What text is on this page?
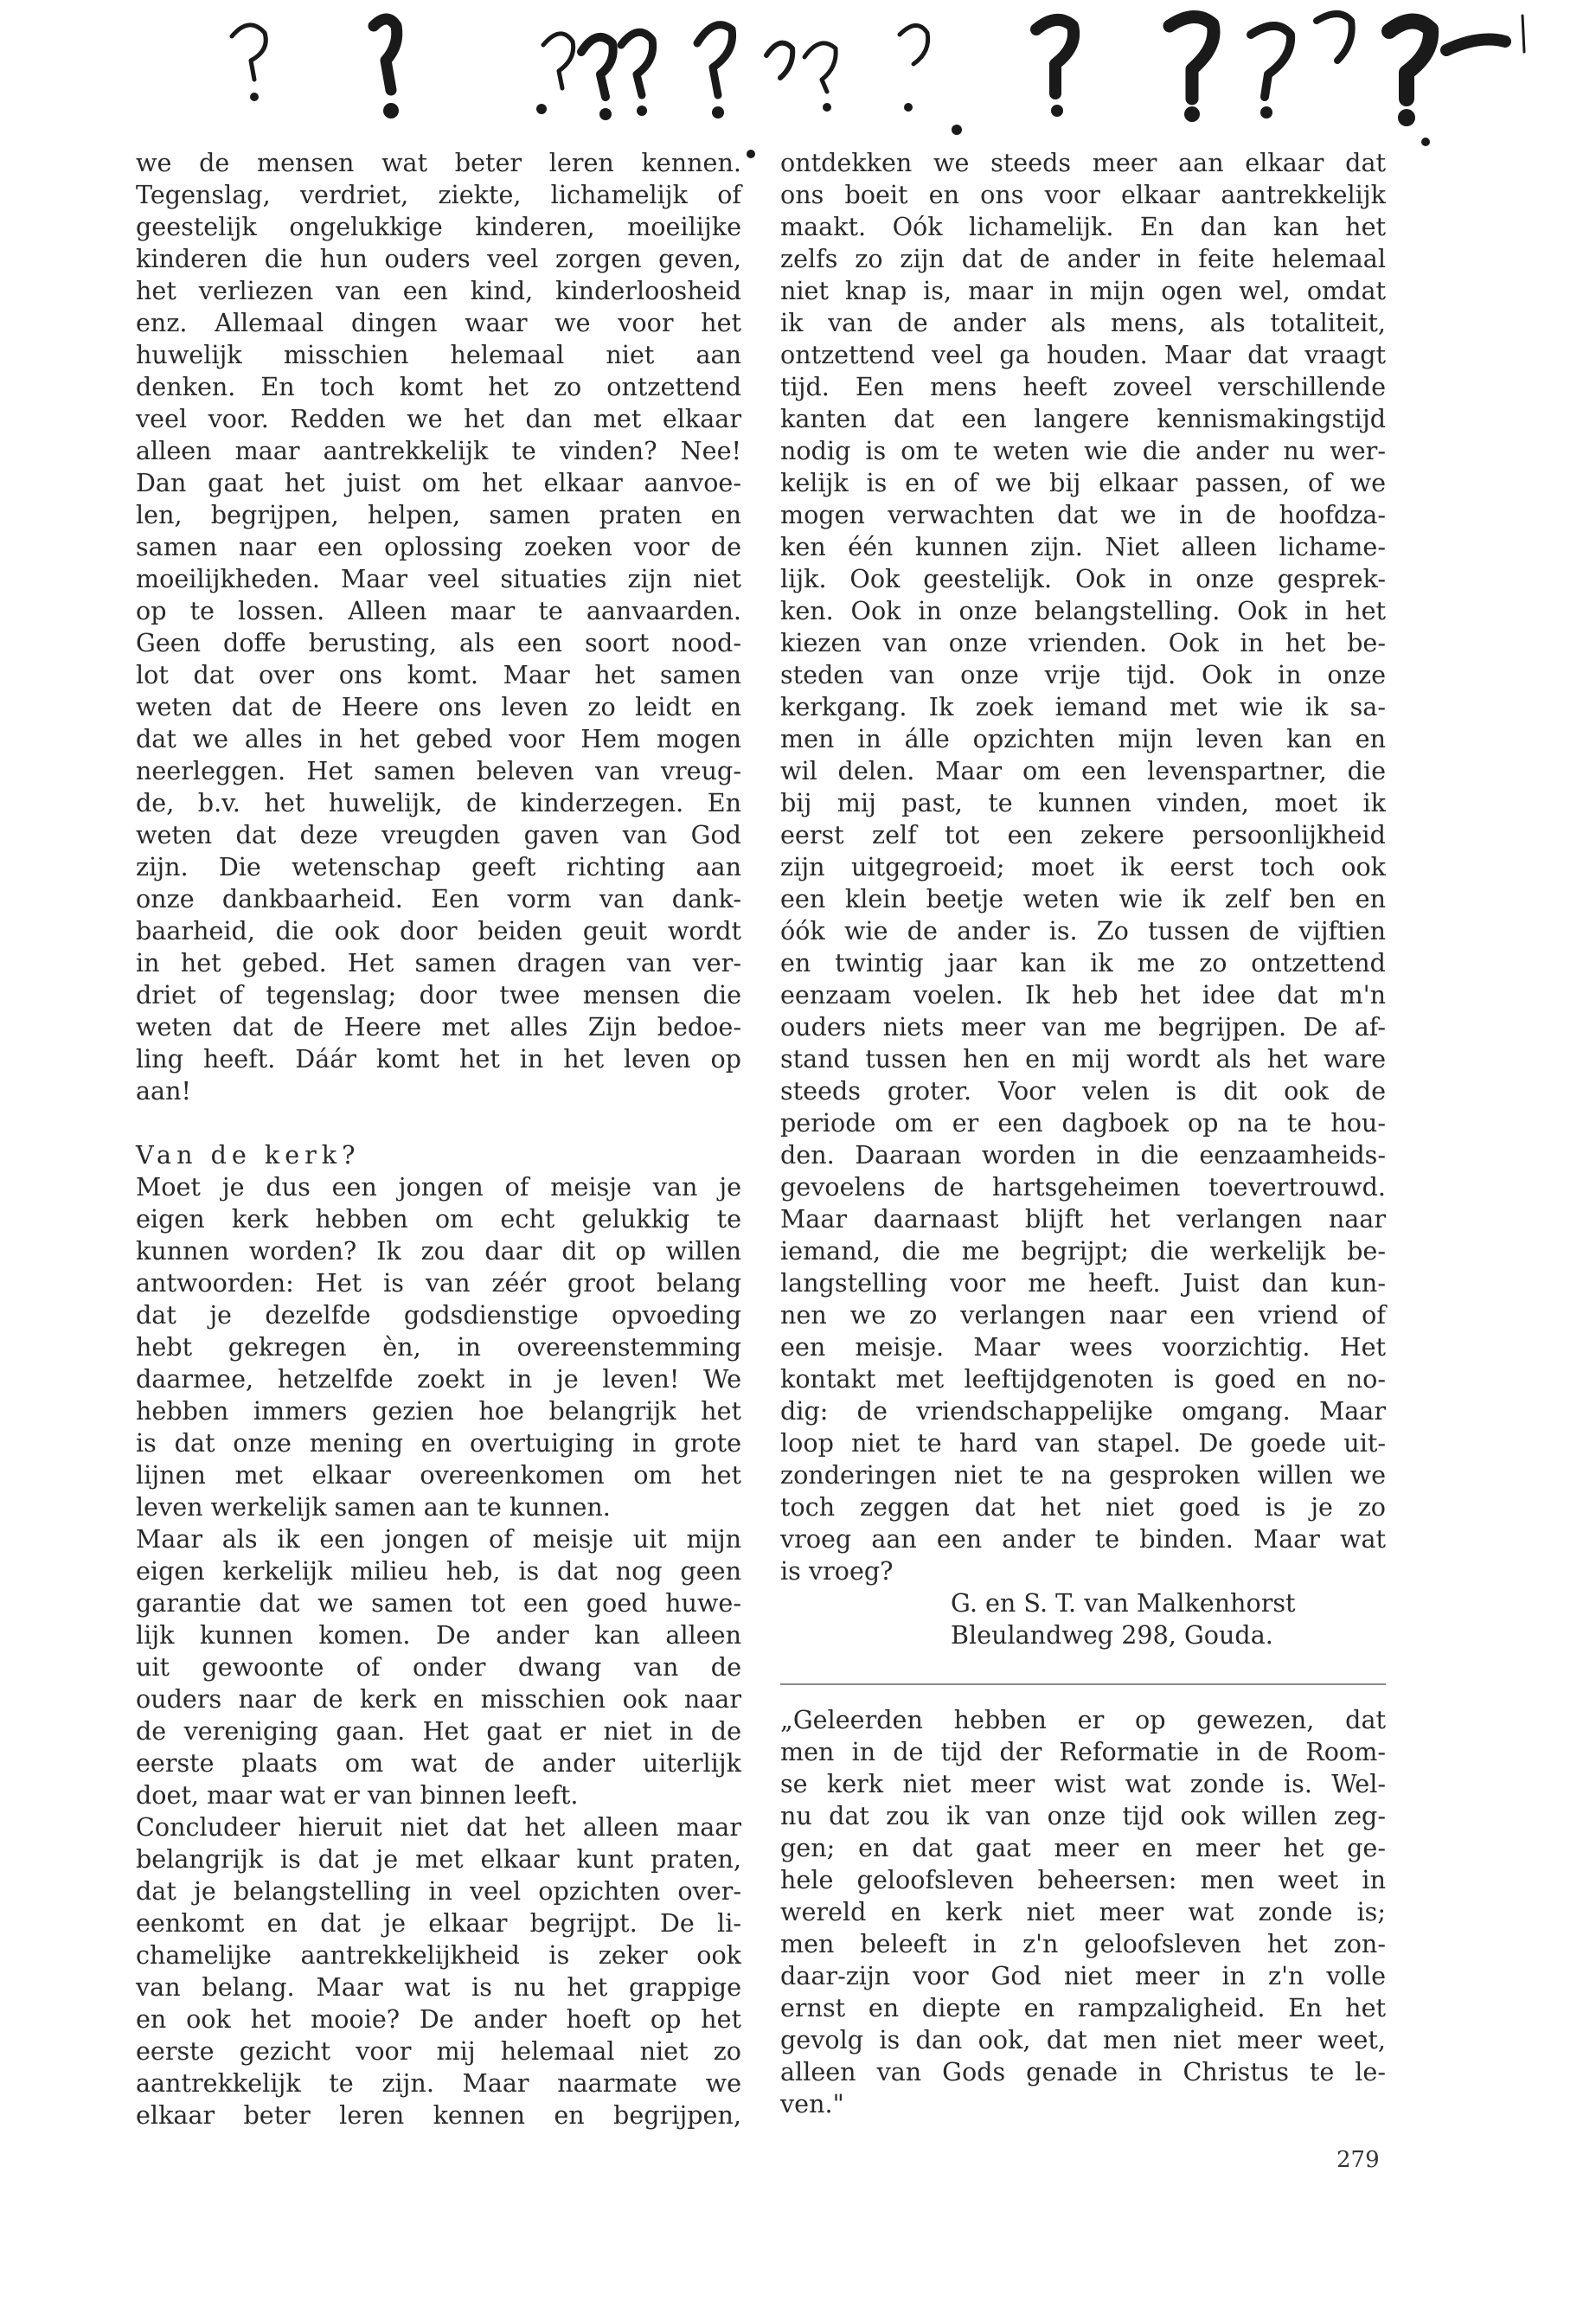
we de mensen wat beter leren kennen.
Tegenslag, verdriet, ziekte, lichamelijk of
geestelijk ongelukkige kinderen, moeilijke
kinderen die hun ouders veel zorgen geven,
het verliezen van een kind, kinderloosheid
enz. Allemaal dingen waar we voor het
huwelijk misschien helemaal niet aan
denken. En toch komt het zo ontzettend
veel voor. Redden we het dan met elkaar
alleen maar aantrekkelijk te vinden? Nee!
Dan gaat het juist om het elkaar aanvoe-
len, begrijpen, helpen, samen praten en
samen naar een oplossing zoeken voor de
moeilijkheden. Maar veel situaties zijn niet
op te lossen. Alleen maar te aanvaarden.
Geen doffe berusting, als een soort nood-
lot dat over ons komt. Maar het samen
weten dat de Heere ons leven zo leidt en
dat we alles in het gebed voor Hem mogen
neerleggen. Het samen beleven van vreug-
de, b.v. het huwelijk, de kinderzegen. En
weten dat deze vreugden gaven van God
zijn. Die wetenschap geeft richting aan
onze dankbaarheid. Een vorm van dank-
baarheid, die ook door beiden geuit wordt
in het gebed. Het samen dragen van ver-
driet of tegenslag; door twee mensen die
weten dat de Heere met alles Zijn bedoe-
ling heeft. Dáár komt het in het leven op
aan!
Van de kerk?
Moet je dus een jongen of meisje van je
eigen kerk hebben om echt gelukkig te
kunnen worden? Ik zou daar dit op willen
antwoorden: Het is van zéér groot belang
dat je dezelfde godsdienstige opvoeding
hebt gekregen èn, in overeenstemming
daarmee, hetzelfde zoekt in je leven! We
hebben immers gezien hoe belangrijk het
is dat onze mening en overtuiging in grote
lijnen met elkaar overeenkomen om het
leven werkelijk samen aan te kunnen.
Maar als ik een jongen of meisje uit mijn
eigen kerkelijk milieu heb, is dat nog geen
garantie dat we samen tot een goed huwe-
lijk kunnen komen. De ander kan alleen
uit gewoonte of onder dwang van de
ouders naar de kerk en misschien ook naar
de vereniging gaan. Het gaat er niet in de
eerste plaats om wat de ander uiterlijk
doet, maar wat er van binnen leeft.
Concludeer hieruit niet dat het alleen maar
belangrijk is dat je met elkaar kunt praten,
dat je belangstelling in veel opzichten over-
eenkomt en dat je elkaar begrijpt. De li-
chamelijke aantrekkelijkheid is zeker ook
van belang. Maar wat is nu het grappige
en ook het mooie? De ander hoeft op het
eerste gezicht voor mij helemaal niet zo
aantrekkelijk te zijn. Maar naarmate we
elkaar beter leren kennen en begrijpen,
ontdekken we steeds meer aan elkaar dat
ons boeit en ons voor elkaar aantrekkelijk
maakt. Oók lichamelijk. En dan kan het
zelfs zo zijn dat de ander in feite helemaal
niet knap is, maar in mijn ogen wel, omdat
ik van de ander als mens, als totaliteit,
ontzettend veel ga houden. Maar dat vraagt
tijd. Een mens heeft zoveel verschillende
kanten dat een langere kennismakingstijd
nodig is om te weten wie die ander nu wer-
kelijk is en of we bij elkaar passen, of we
mogen verwachten dat we in de hoofdza-
ken één kunnen zijn. Niet alleen lichame-
lijk. Ook geestelijk. Ook in onze gesprek-
ken. Ook in onze belangstelling. Ook in het
kiezen van onze vrienden. Ook in het be-
steden van onze vrije tijd. Ook in onze
kerkgang. Ik zoek iemand met wie ik sa-
men in álle opzichten mijn leven kan en
wil delen. Maar om een levenspartner, die
bij mij past, te kunnen vinden, moet ik
eerst zelf tot een zekere persoonlijkheid
zijn uitgegroeid; moet ik eerst toch ook
een klein beetje weten wie ik zelf ben en
óók wie de ander is. Zo tussen de vijftien
en twintig jaar kan ik me zo ontzettend
eenzaam voelen. Ik heb het idee dat m'n
ouders niets meer van me begrijpen. De af-
stand tussen hen en mij wordt als het ware
steeds groter. Voor velen is dit ook de
periode om er een dagboek op na te hou-
den. Daaraan worden in die eenzaamheids-
gevoelens de hartsgeheimen toevertrouwd.
Maar daarnaast blijft het verlangen naar
iemand, die me begrijpt; die werkelijk be-
langstelling voor me heeft. Juist dan kun-
nen we zo verlangen naar een vriend of
een meisje. Maar wees voorzichtig. Het
kontakt met leeftijdgenoten is goed en no-
dig: de vriendschappelijke omgang. Maar
loop niet te hard van stapel. De goede uit-
zonderingen niet te na gesproken willen we
toch zeggen dat het niet goed is je zo
vroeg aan een ander te binden. Maar wat
is vroeg?
G. en S. T. van Malkenhorst
Bleulandweg 298, Gouda.
„Geleerden hebben er op gewezen, dat
men in de tijd der Reformatie in de Room-
se kerk niet meer wist wat zonde is. Wel-
nu dat zou ik van onze tijd ook willen zeg-
gen; en dat gaat meer en meer het ge-
hele geloofsleven beheersen: men weet in
wereld en kerk niet meer wat zonde is;
men beleeft in z'n geloofsleven het zon-
daar-zijn voor God niet meer in z'n volle
ernst en diepte en rampzaligheid. En het
gevolg is dan ook, dat men niet meer weet,
alleen van Gods genade in Christus te le-
ven."
279
